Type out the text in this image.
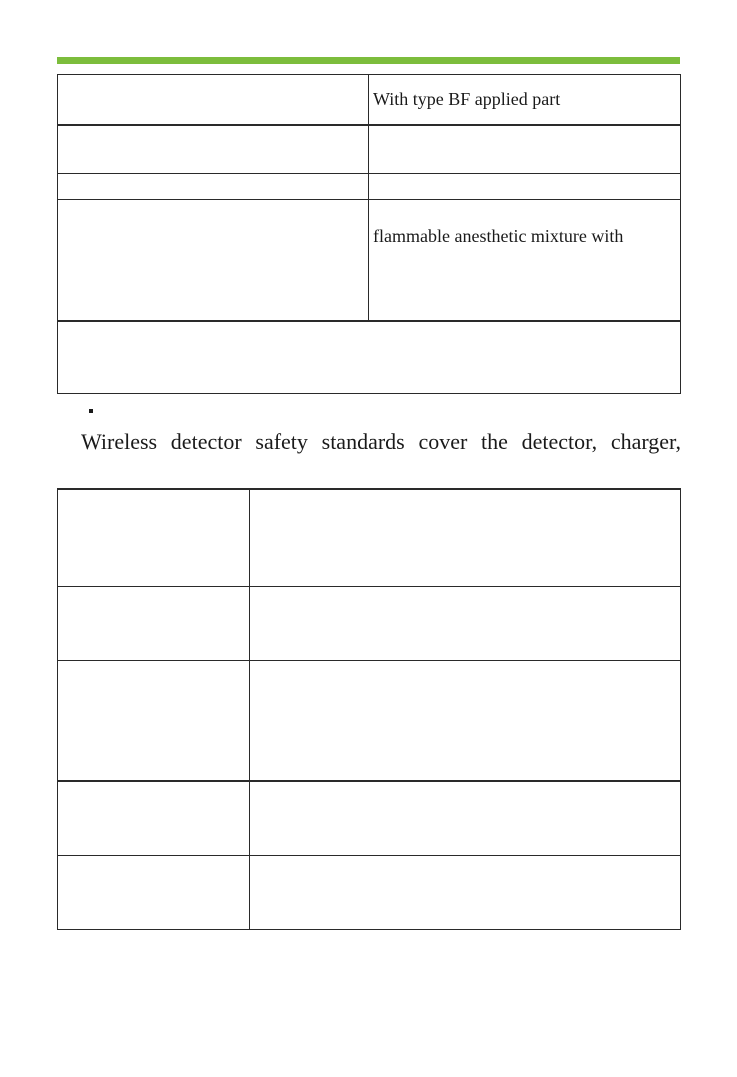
	With type BF applied part

	flammable anesthetic mixture with

Wireless detector safety standards cover the detector, charger,
